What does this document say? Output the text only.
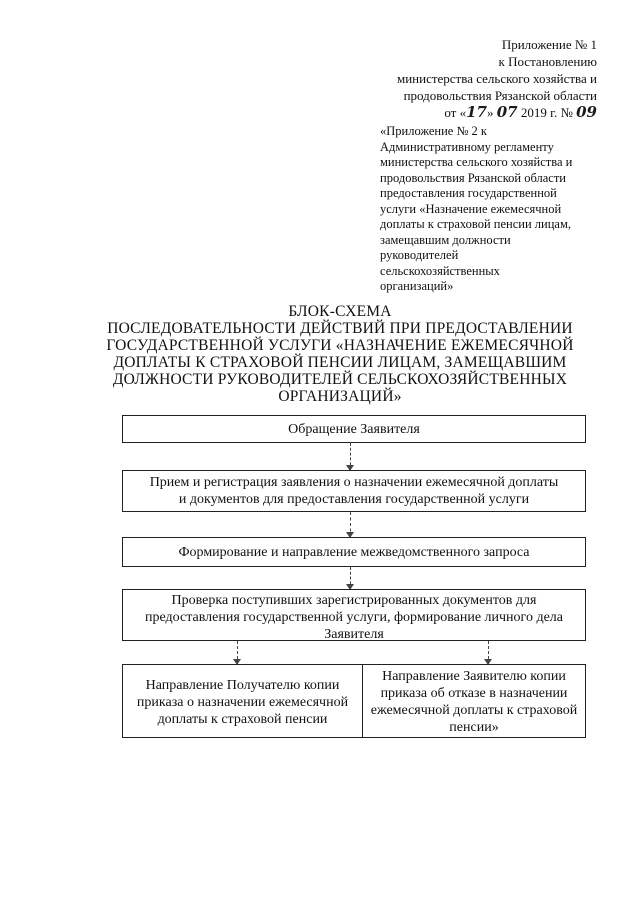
Приложение № 1
к Постановлению
министерства сельского хозяйства и
продовольствия Рязанской области
от «17» 07 2019 г. № 09
«Приложение № 2 к
Административному регламенту
министерства сельского хозяйства и
продовольствия Рязанской области
предоставления государственной
услуги «Назначение ежемесячной
доплаты к страховой пенсии лицам,
замещавшим должности
руководителей
сельскохозяйственных
организаций»
БЛОК-СХЕМА
ПОСЛЕДОВАТЕЛЬНОСТИ ДЕЙСТВИЙ ПРИ ПРЕДОСТАВЛЕНИИ
ГОСУДАРСТВЕННОЙ УСЛУГИ «НАЗНАЧЕНИЕ ЕЖЕМЕСЯЧНОЙ
ДОПЛАТЫ К СТРАХОВОЙ ПЕНСИИ ЛИЦАМ, ЗАМЕЩАВШИМ
ДОЛЖНОСТИ РУКОВОДИТЕЛЕЙ СЕЛЬСКОХОЗЯЙСТВЕННЫХ
ОРГАНИЗАЦИЙ»
Обращение Заявителя
Прием и регистрация заявления о назначении ежемесячной доплаты
и документов для предоставления государственной услуги
Формирование и направление межведомственного запроса
Проверка поступивших зарегистрированных документов для
предоставления государственной услуги, формирование личного дела
Заявителя
Направление Получателю копии
приказа о назначении ежемесячной
доплаты к страховой пенсии
Направление Заявителю копии
приказа об отказе в назначении
ежемесячной доплаты к страховой
пенсии»
